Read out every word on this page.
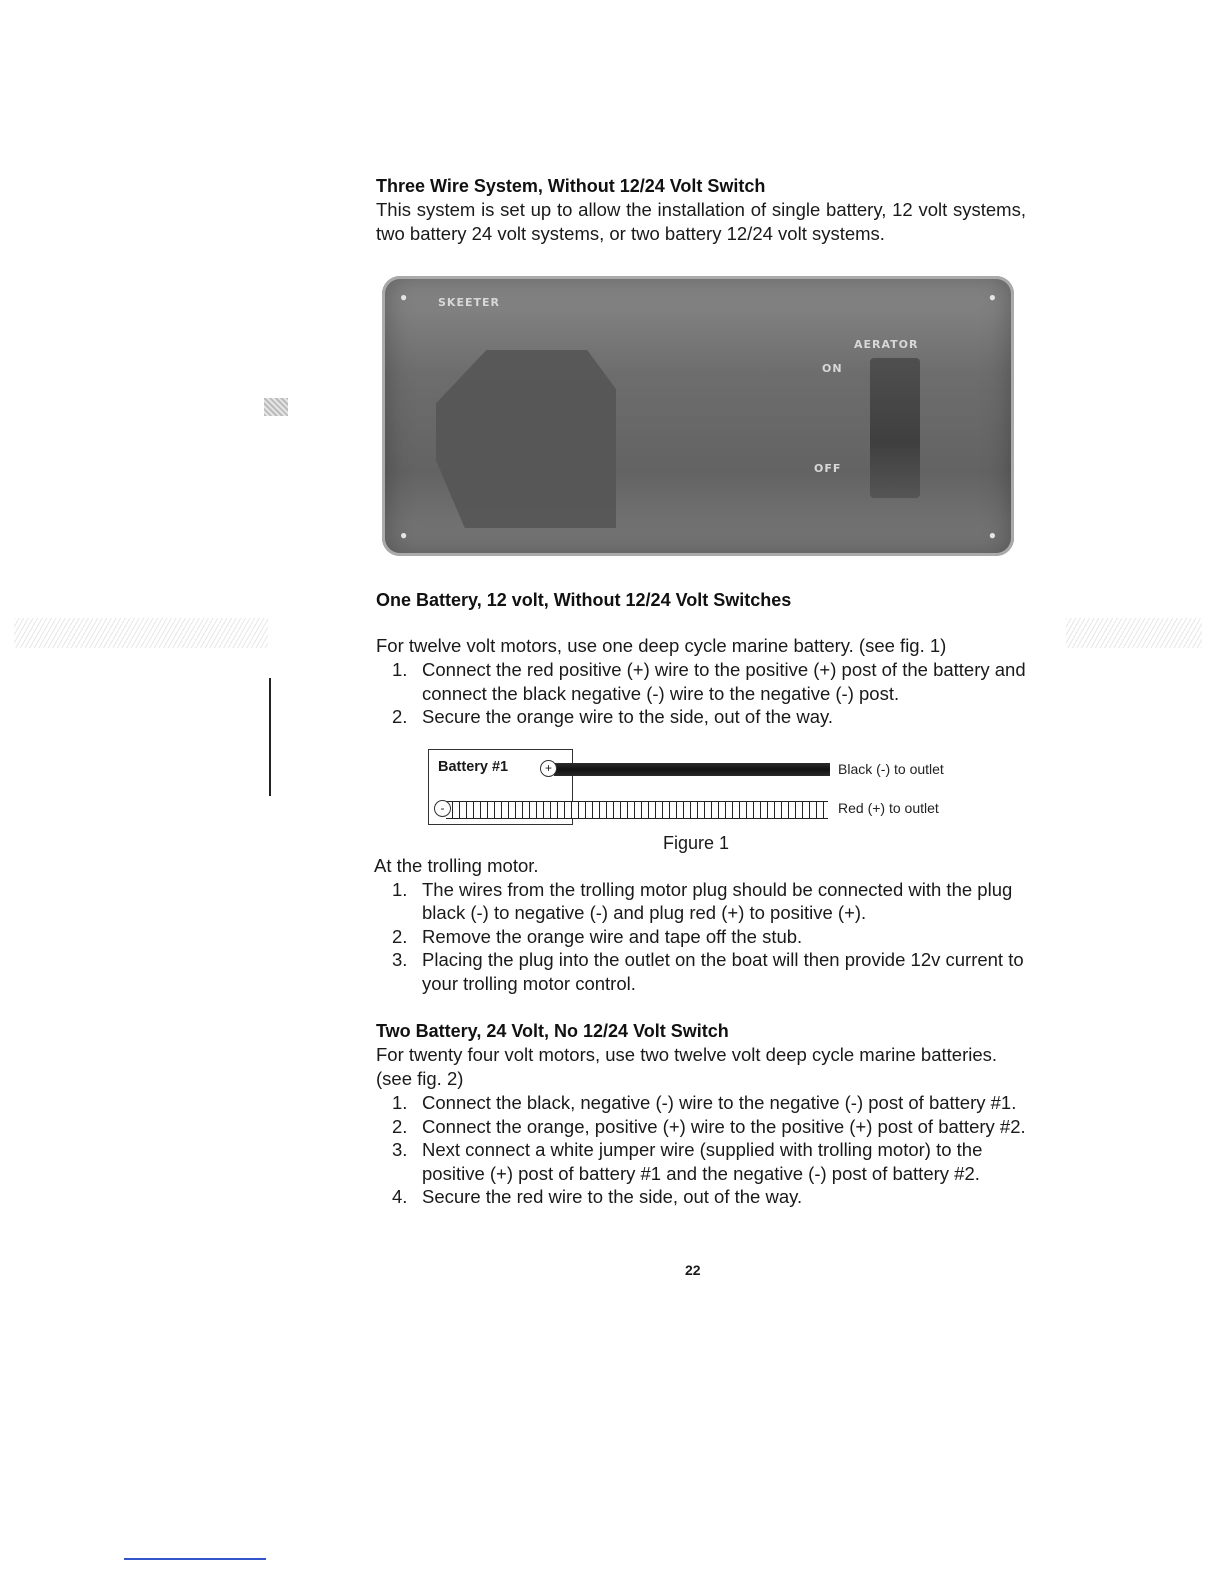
Three Wire System, Without 12/24 Volt Switch

This system is set up to allow the installation of single battery, 12 volt systems, two battery 24 volt systems, or two battery 12/24 volt systems.

●	●
●	●
SKEETER
AERATOR
ON
OFF
One Battery, 12 volt, Without 12/24 Volt Switches

For twelve volt motors, use one deep cycle marine battery. (see fig. 1)

1. Connect the red positive (+) wire to the positive (+) post of the battery and connect the black negative (-) wire to the negative (-) post.
2. Secure the orange wire to the side, out of the way.
Battery #1	+
-
Black (-) to outlet
Red (+) to outlet
Figure 1

At the trolling motor.

1. The wires from the trolling motor plug should be connected with the plug black (-) to negative (-) and plug red (+) to positive (+).
2. Remove the orange wire and tape off the stub.
3. Placing the plug into the outlet on the boat will then provide 12v current to your trolling motor control.
Two Battery, 24 Volt, No 12/24 Volt Switch

For twenty four volt motors, use two twelve volt deep cycle marine batteries. (see fig. 2)

1. Connect the black, negative (-) wire to the negative (-) post of battery #1.
2. Connect the orange, positive (+) wire to the positive (+) post of battery #2.
3. Next connect a white jumper wire (supplied with trolling motor) to the positive (+) post of battery #1 and the negative (-) post of battery #2.
4. Secure the red wire to the side, out of the way.
22
